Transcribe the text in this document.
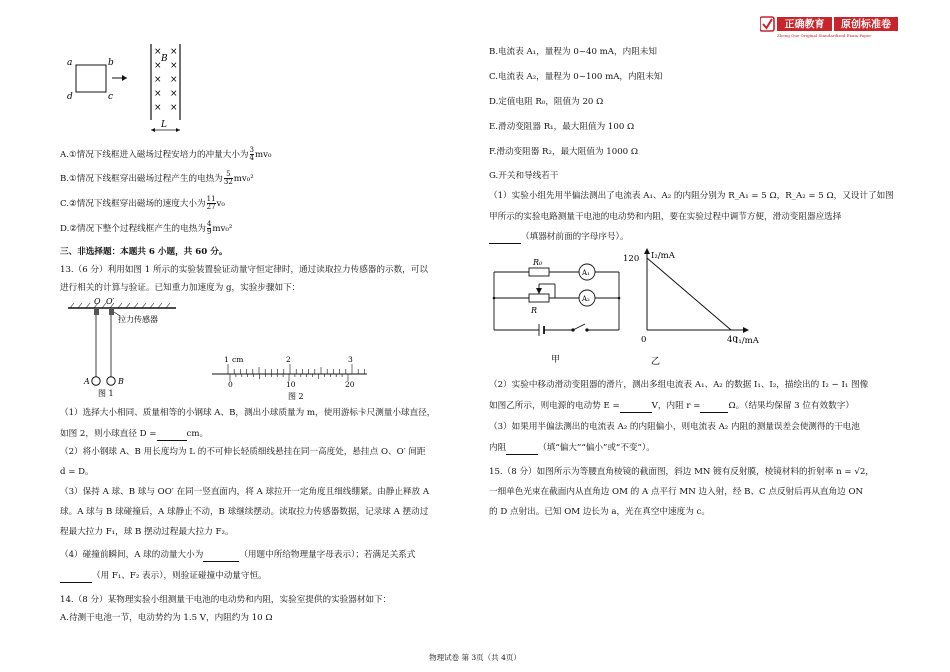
正确教育 原创标准卷
Zheng Que Original Standardized Exam Paper
a	b
d	c
× ×
× ×
× ×
× ×
× ×
B
L
A.①情况下线框进入磁场过程安培力的冲量大小为 $\frac{3}{4} mv_0$
B.①情况下线框穿出磁场过程产生的电热为 $\frac{5}{32} mv_0^2$
C.②情况下线框穿出磁场的速度大小为 $\frac{11}{27} v_0$
D.②情况下整个过程线框产生的电热为 $\frac{4}{9} mv_0^2$
三、非选择题：本题共 6 小题，共 60 分。
13.（6 分）利用如图 1 所示的实验装置验证动量守恒定律时，通过读取拉力传感器的示数，可以
进行相关的计算与验证。已知重力加速度为 g，实验步骤如下：
O O′
拉力传感器
A	B
图 1
1 cm	2	3
0	10	20
图 2
（1）选择大小相同、质量相等的小钢球 A、B，测出小球质量为 m，使用游标卡尺测量小球直径，
如图 2，则小球直径 D =	cm。
（2）将小钢球 A、B 用长度均为 L 的不可伸长轻质细线悬挂在同一高度处，悬挂点 O、O′ 间距
d = D。
（3）保持 A 球、B 球与 OO′ 在同一竖直面内，将 A 球拉开一定角度且细线绷紧。由静止释放 A
球。A 球与 B 球碰撞后，A 球静止不动，B 球继续摆动。读取拉力传感器数据，记录球 A 摆动过
程最大拉力 F₁，球 B 摆动过程最大拉力 F₂。
（4）碰撞前瞬间，A 球的动量大小为	（用题中所给物理量字母表示）；若满足关系式
（用 F₁、F₂ 表示），则验证碰撞中动量守恒。
14.（8 分）某物理实验小组测量干电池的电动势和内阻，实验室提供的实验器材如下：
A.待测干电池一节，电动势约为 1.5 V，内阻约为 10 Ω
B.电流表 A₁，量程为 0~40 mA，内阻未知
C.电流表 A₂，量程为 0~100 mA，内阻未知
D.定值电阻 R₀，阻值为 20 Ω
E.滑动变阻器 R₁，最大阻值为 100 Ω
F.滑动变阻器 R₂，最大阻值为 1000 Ω
G.开关和导线若干
（1）实验小组先用半偏法测出了电流表 A₁、A₂ 的内阻分别为 R_A₁ = 5 Ω，R_A₂ = 5 Ω，又设计了如图
甲所示的实验电路测量干电池的电动势和内阻，要在实验过程中调节方便，滑动变阻器应选择
（填器材前面的字母序号）。
R₀
R
A₁
A₂
甲
I₂/mA
I₁/mA
120
0	40
乙
（2）实验中移动滑动变阻器的滑片，测出多组电流表 A₁、A₂ 的数据 I₁、I₂，描绘出的 I₂ − I₁ 图像
如图乙所示，则电源的电动势 E =	V，内阻 r =	Ω。（结果均保留 3 位有效数字）
（3）如果用半偏法测出的电流表 A₂ 的内阻偏小，则电流表 A₂ 内阻的测量误差会使测得的干电池
内阻	（填“偏大”“偏小”或“不变”）。
15.（8 分）如图所示为等腰直角棱镜的截面图，斜边 MN 镀有反射膜，棱镜材料的折射率 n = √2，
一细单色光束在截面内从直角边 OM 的 A 点平行 MN 边入射，经 B、C 点反射后再从直角边 ON
的 D 点射出。已知 OM 边长为 a，光在真空中速度为 c。
物理试卷 第 3页（共 4页）
